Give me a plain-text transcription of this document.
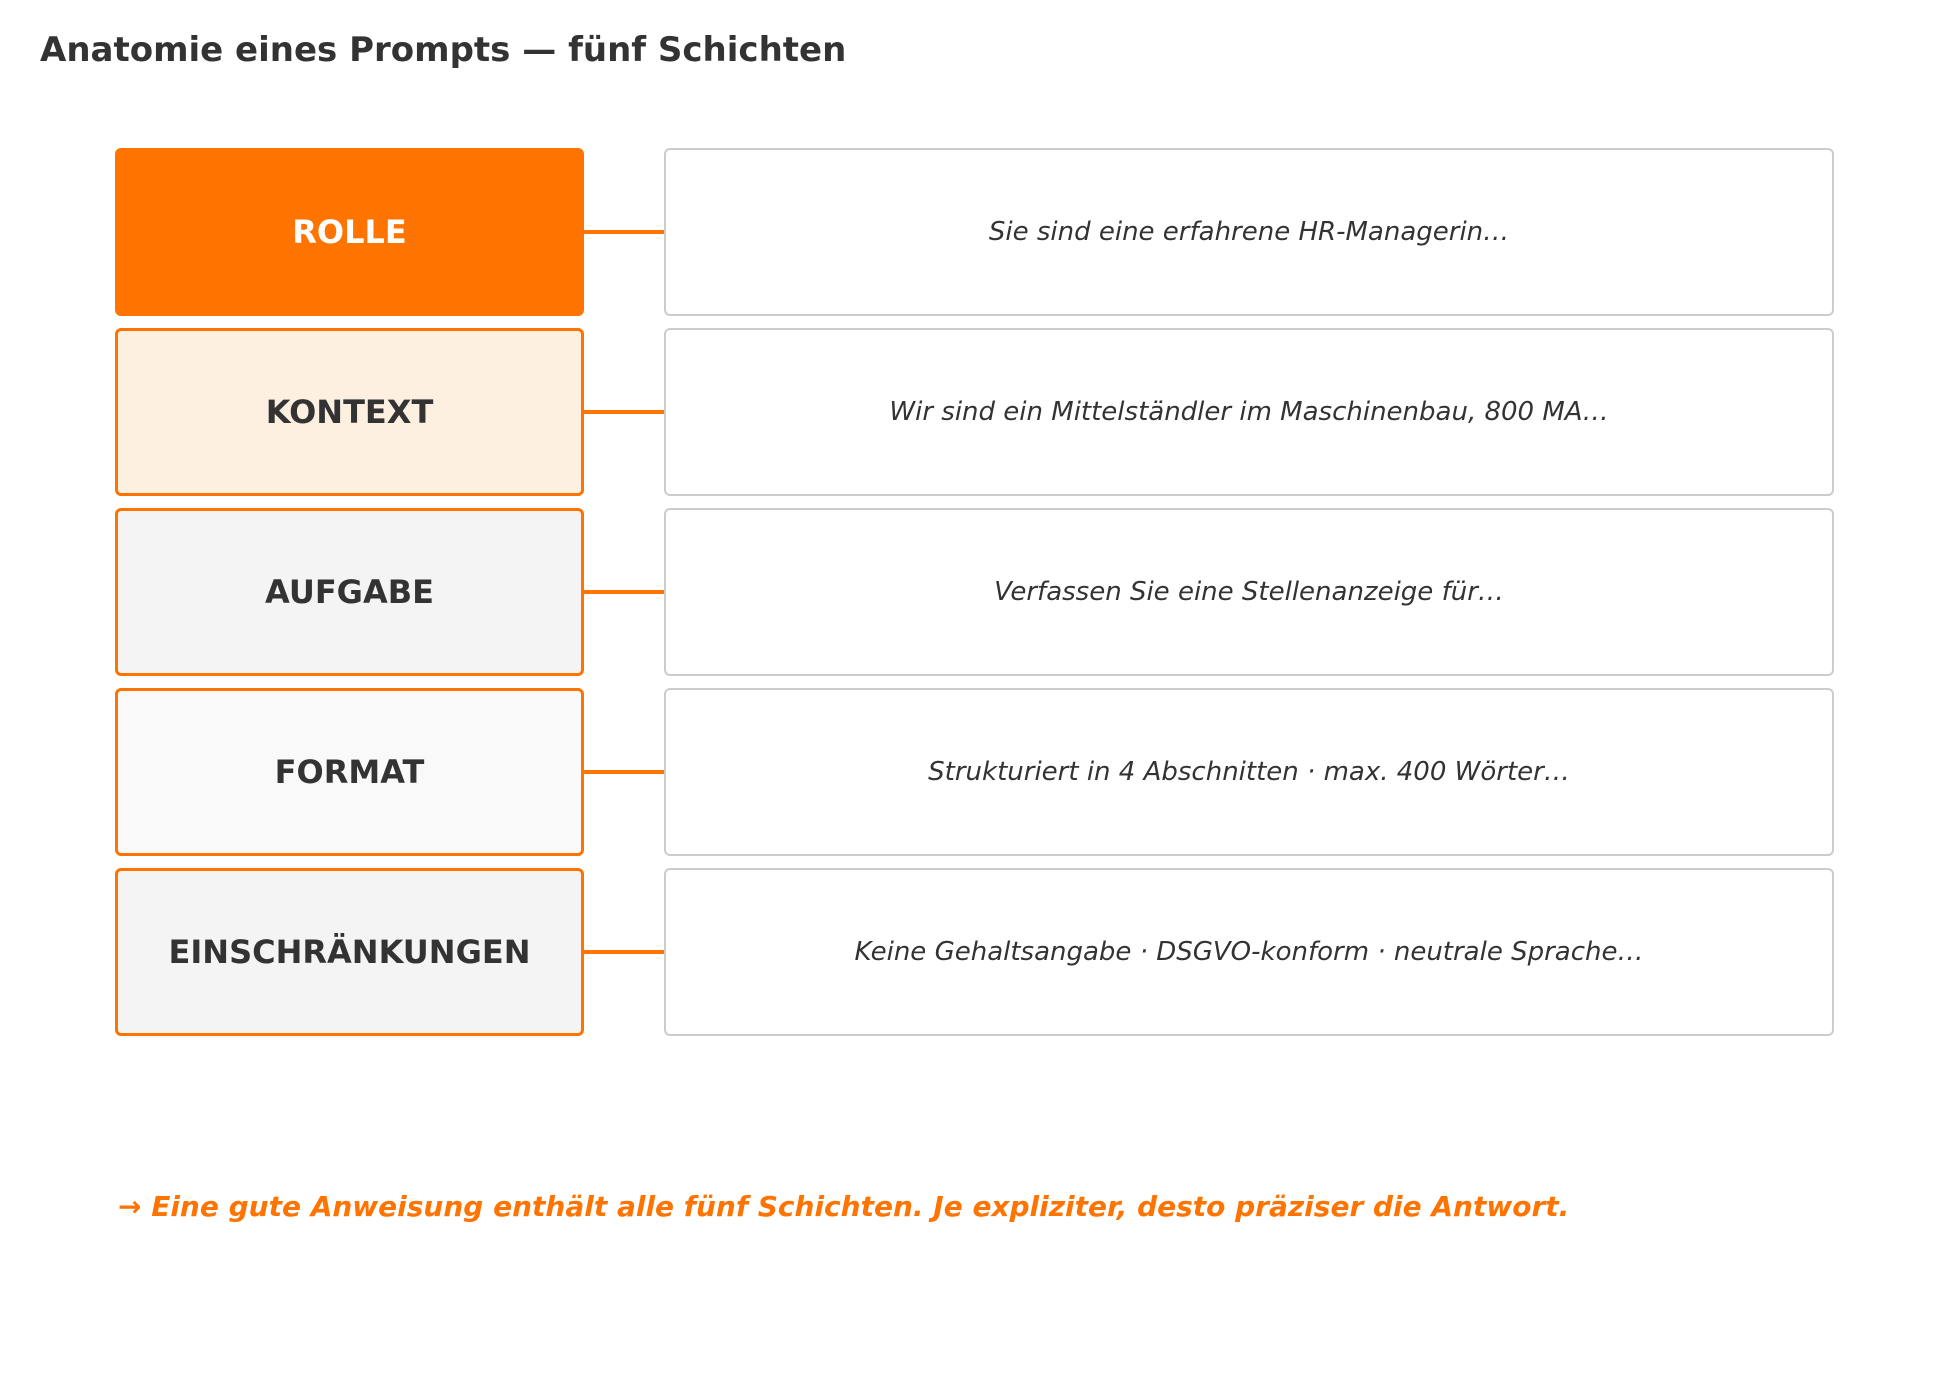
Anatomie eines Prompts — fünf Schichten
ROLLE	Sie sind eine erfahrene HR-Managerin…
KONTEXT	Wir sind ein Mittelständler im Maschinenbau, 800 MA…
AUFGABE	Verfassen Sie eine Stellenanzeige für…
FORMAT	Strukturiert in 4 Abschnitten · max. 400 Wörter…
EINSCHRÄNKUNGEN	Keine Gehaltsangabe · DSGVO-konform · neutrale Sprache…

→ Eine gute Anweisung enthält alle fünf Schichten. Je expliziter, desto präziser die Antwort.
